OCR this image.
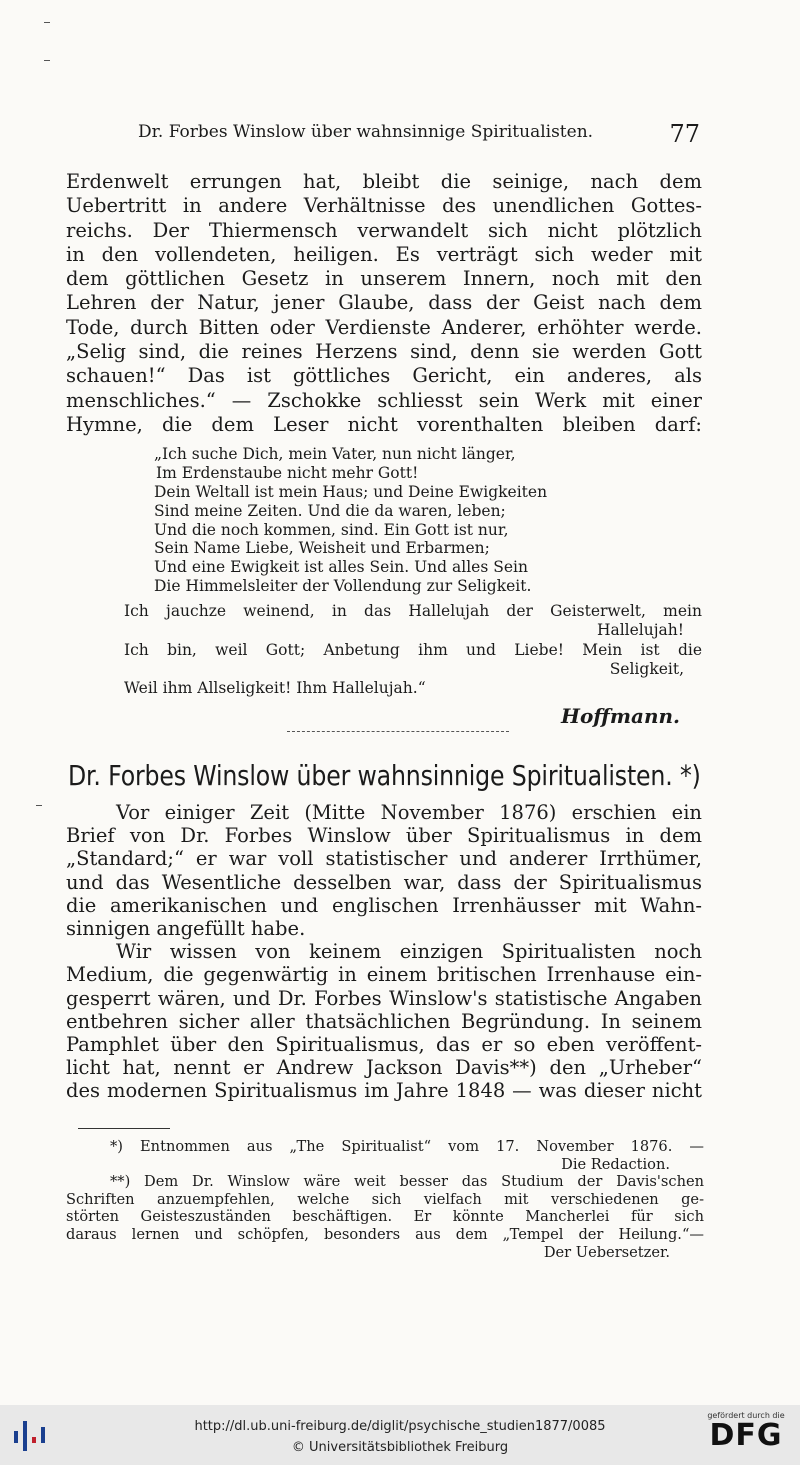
Dr. Forbes Winslow über wahnsinnige Spiritualisten.	77
Erdenwelt errungen hat, bleibt die seinige, nach dem
Uebertritt in andere Verhältnisse des unendlichen Gottes-
reichs. Der Thiermensch verwandelt sich nicht plötzlich
in den vollendeten, heiligen. Es verträgt sich weder mit
dem göttlichen Gesetz in unserem Innern, noch mit den
Lehren der Natur, jener Glaube, dass der Geist nach dem
Tode, durch Bitten oder Verdienste Anderer, erhöhter werde.
„Selig sind, die reines Herzens sind, denn sie werden Gott
schauen!“ Das ist göttliches Gericht, ein anderes, als
menschliches.“ — Zschokke schliesst sein Werk mit einer
Hymne, die dem Leser nicht vorenthalten bleiben darf:
„Ich suche Dich, mein Vater, nun nicht länger,
Im Erdenstaube nicht mehr Gott!
Dein Weltall ist mein Haus; und Deine Ewigkeiten
Sind meine Zeiten. Und die da waren, leben;
Und die noch kommen, sind. Ein Gott ist nur,
Sein Name Liebe, Weisheit und Erbarmen;
Und eine Ewigkeit ist alles Sein. Und alles Sein
Die Himmelsleiter der Vollendung zur Seligkeit.
Ich jauchze weinend, in das Hallelujah der Geisterwelt, mein
Hallelujah!
Ich bin, weil Gott; Anbetung ihm und Liebe! Mein ist die
Seligkeit,
Weil ihm Allseligkeit! Ihm Hallelujah.“
Hoffmann.
Dr. Forbes Winslow über wahnsinnige Spiritualisten. *)
Vor einiger Zeit (Mitte November 1876) erschien ein
Brief von Dr. Forbes Winslow über Spiritualismus in dem
„Standard;“ er war voll statistischer und anderer Irrthümer,
und das Wesentliche desselben war, dass der Spiritualismus
die amerikanischen und englischen Irrenhäusser mit Wahn-
sinnigen angefüllt habe.
Wir wissen von keinem einzigen Spiritualisten noch
Medium, die gegenwärtig in einem britischen Irrenhause ein-
gesperrt wären, und Dr. Forbes Winslow's statistische Angaben
entbehren sicher aller thatsächlichen Begründung. In seinem
Pamphlet über den Spiritualismus, das er so eben veröffent-
licht hat, nennt er Andrew Jackson Davis**) den „Urheber“
des modernen Spiritualismus im Jahre 1848 — was dieser nicht
*) Entnommen aus „The Spiritualist“ vom 17. November 1876. —
Die Redaction.
**) Dem Dr. Winslow wäre weit besser das Studium der Davis'schen
Schriften anzuempfehlen, welche sich vielfach mit verschiedenen ge-
störten Geisteszuständen beschäftigen. Er könnte Mancherlei für sich
daraus lernen und schöpfen, besonders aus dem „Tempel der Heilung.“—
Der Uebersetzer.
http://dl.ub.uni-freiburg.de/diglit/psychische_studien1877/0085
© Universitätsbibliothek Freiburg
gefördert durch die
DFG
